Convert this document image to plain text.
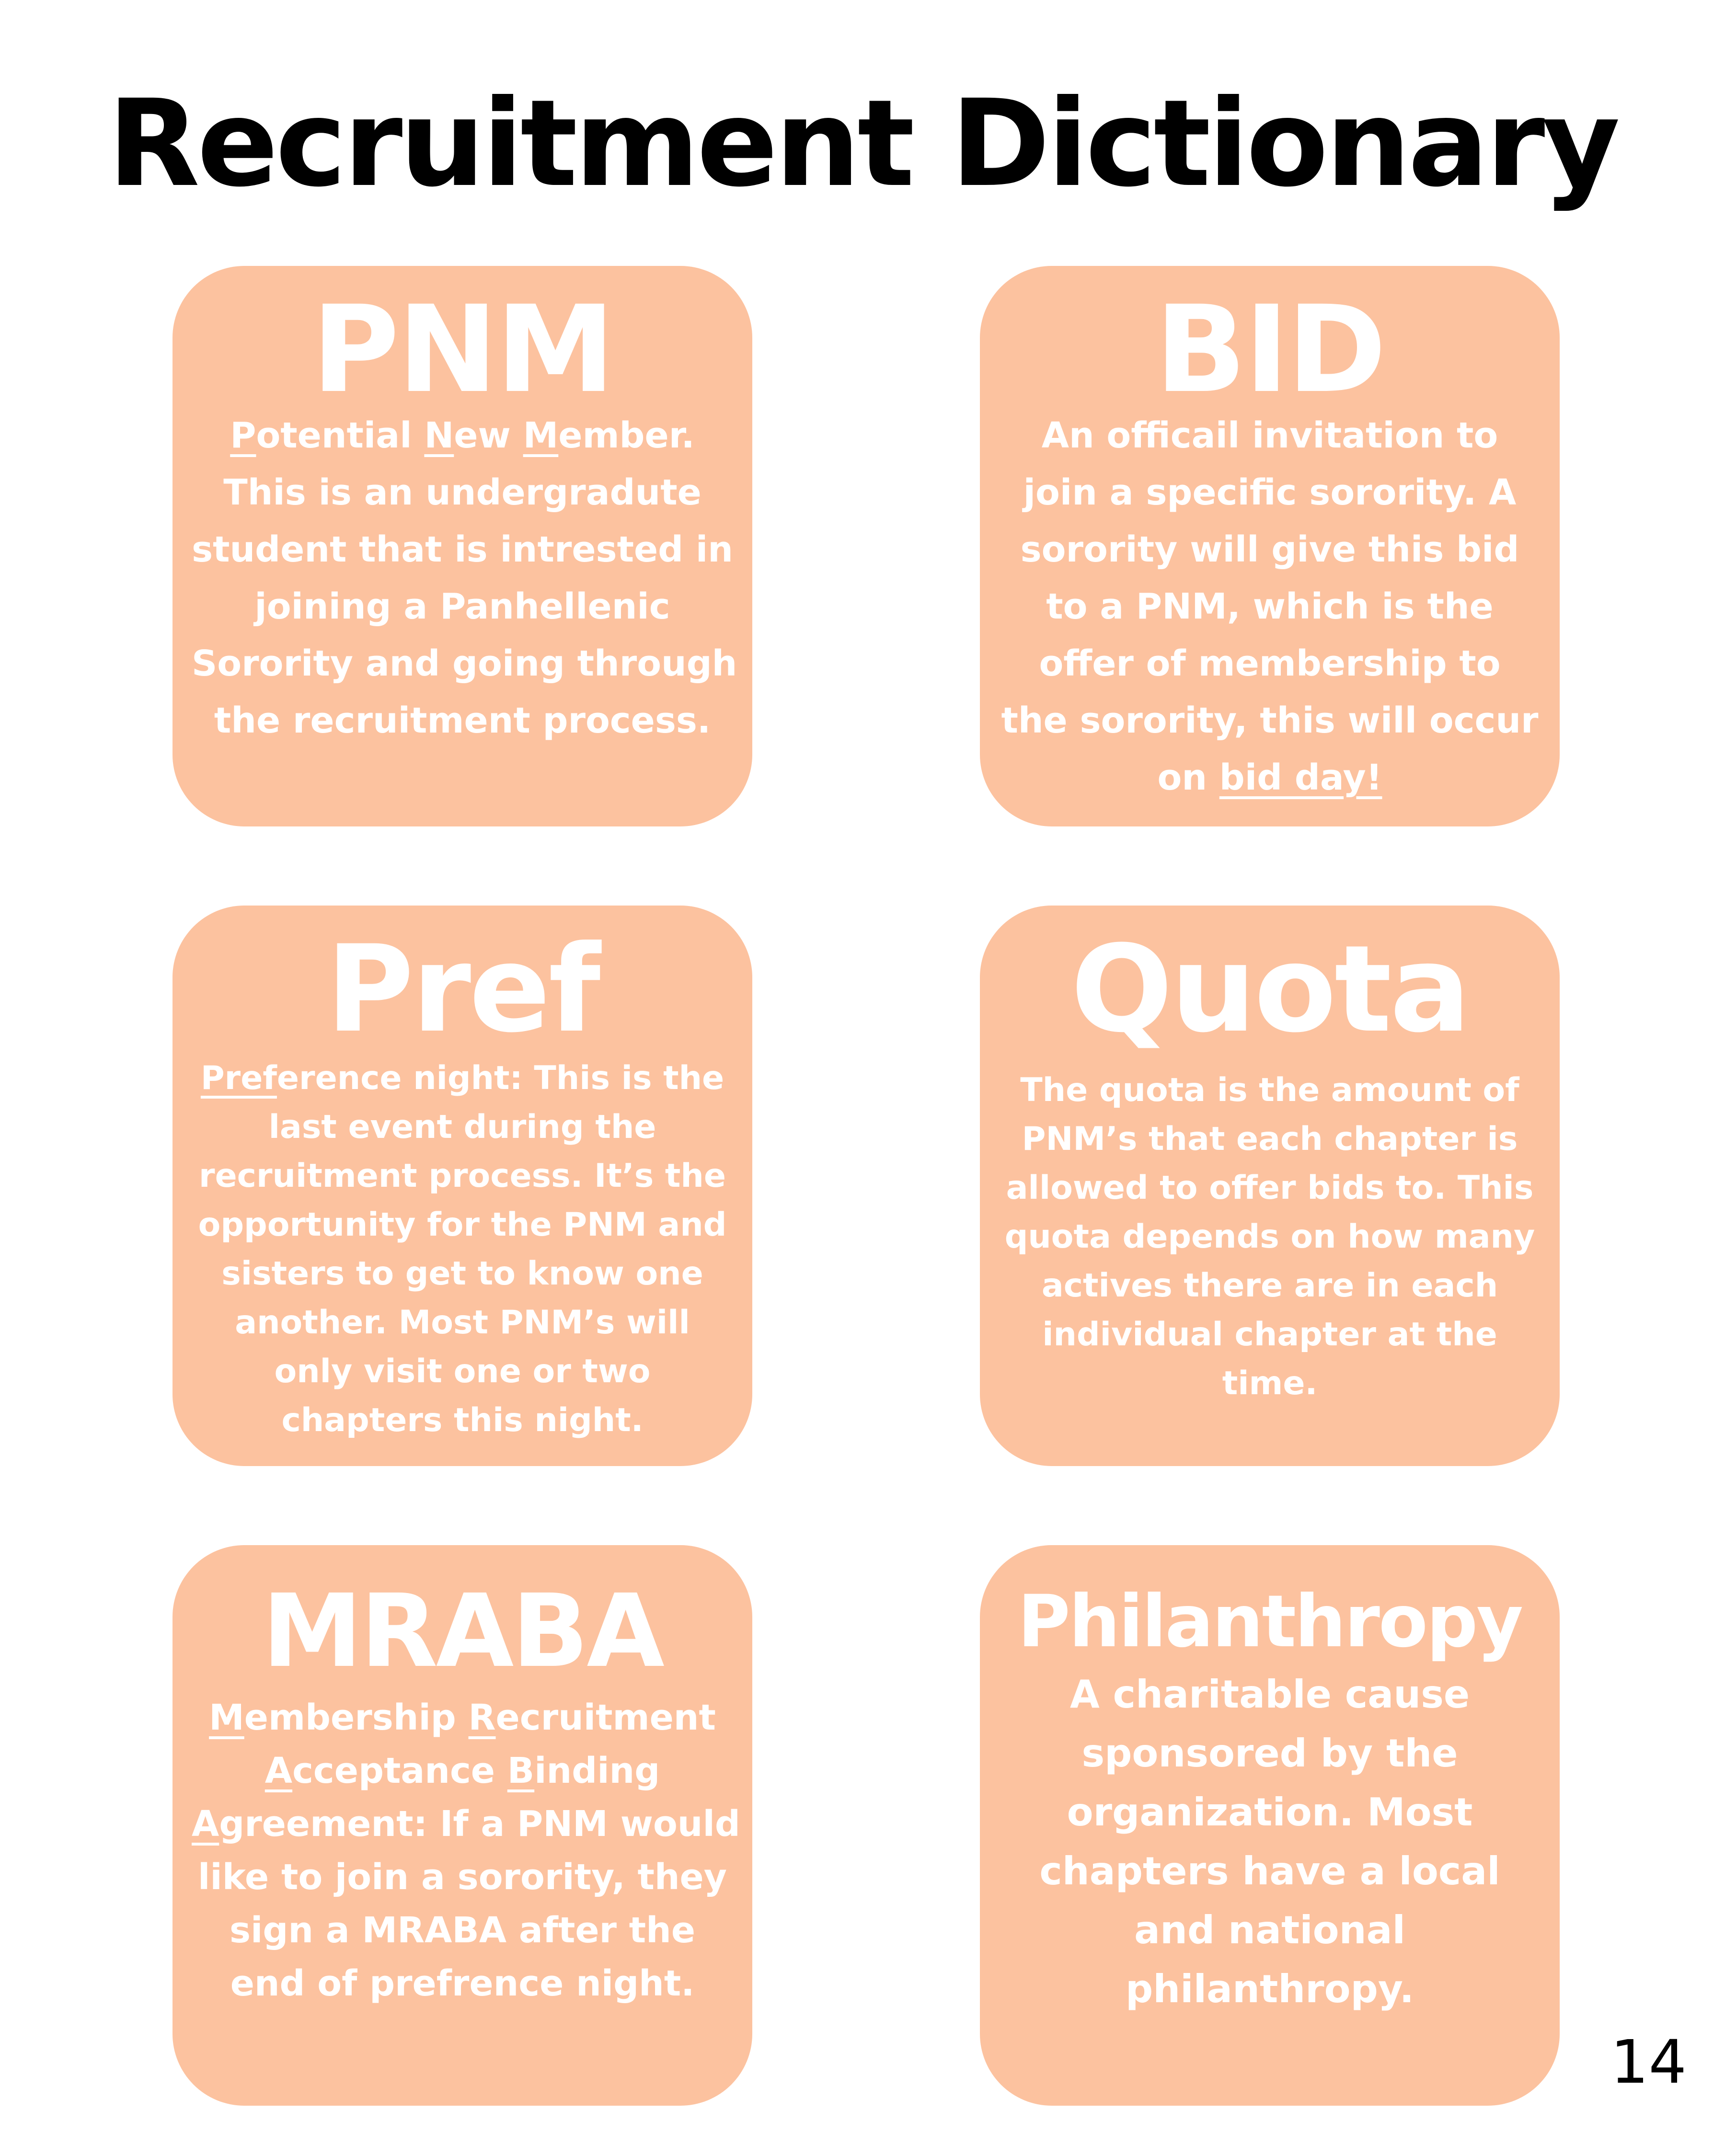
Recruitment Dictionary
PNM
Potential New Member.
This is an undergradute
student that is intrested in
joining a Panhellenic
Sorority and going through
the recruitment process.
BID
An officail invitation to
join a specific sorority. A
sorority will give this bid
to a PNM, which is the
offer of membership to
the sorority, this will occur
on bid day!
Pref
Preference night: This is the
last event during the
recruitment process. It’s the
opportunity for the PNM and
sisters to get to know one
another. Most PNM’s will
only visit one or two
chapters this night.
Quota
The quota is the amount of
PNM’s that each chapter is
allowed to offer bids to. This
quota depends on how many
actives there are in each
individual chapter at the
time.
MRABA
Membership Recruitment
Acceptance Binding
Agreement: If a PNM would
like to join a sorority, they
sign a MRABA after the
end of prefrence night.
Philanthropy
A charitable cause
sponsored by the
organization. Most
chapters have a local
and national
philanthropy.
14
